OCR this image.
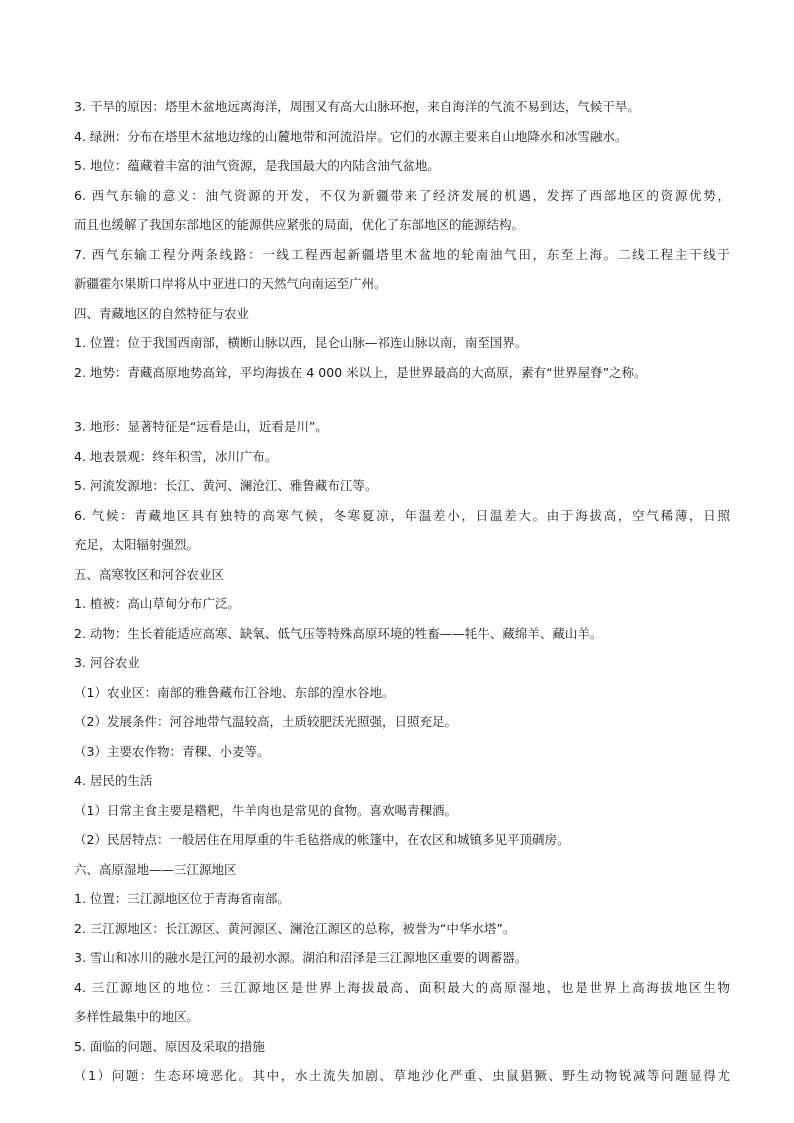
3. 干旱的原因：塔里木盆地远离海洋，周围又有高大山脉环抱，来自海洋的气流不易到达，气候干旱。
4. 绿洲：分布在塔里木盆地边缘的山麓地带和河流沿岸。它们的水源主要来自山地降水和冰雪融水。
5. 地位：蕴藏着丰富的油气资源，是我国最大的内陆含油气盆地。
6. 西气东输的意义：油气资源的开发，不仅为新疆带来了经济发展的机遇，发挥了西部地区的资源优势，
而且也缓解了我国东部地区的能源供应紧张的局面，优化了东部地区的能源结构。
7. 西气东输工程分两条线路：一线工程西起新疆塔里木盆地的轮南油气田，东至上海。二线工程主干线于
新疆霍尔果斯口岸将从中亚进口的天然气向南运至广州。
四、青藏地区的自然特征与农业
1. 位置：位于我国西南部，横断山脉以西，昆仑山脉—祁连山脉以南，南至国界。
2. 地势：青藏高原地势高耸，平均海拔在 4 000 米以上，是世界最高的大高原，素有“世界屋脊”之称。
3. 地形：显著特征是“远看是山，近看是川”。
4. 地表景观：终年积雪，冰川广布。
5. 河流发源地：长江、黄河、澜沧江、雅鲁藏布江等。
6. 气候：青藏地区具有独特的高寒气候，冬寒夏凉，年温差小，日温差大。由于海拔高，空气稀薄，日照
充足，太阳辐射强烈。
五、高寒牧区和河谷农业区
1. 植被：高山草甸分布广泛。
2. 动物：生长着能适应高寒、缺氧、低气压等特殊高原环境的牲畜——牦牛、藏绵羊、藏山羊。
3. 河谷农业
（1）农业区：南部的雅鲁藏布江谷地、东部的湟水谷地。
（2）发展条件：河谷地带气温较高，土质较肥沃光照强，日照充足。
（3）主要农作物：青稞、小麦等。
4. 居民的生活
（1）日常主食主要是糌粑，牛羊肉也是常见的食物。喜欢喝青稞酒。
（2）民居特点：一般居住在用厚重的牛毛毡搭成的帐篷中，在农区和城镇多见平顶碉房。
六、高原湿地——三江源地区
1. 位置：三江源地区位于青海省南部。
2. 三江源地区：长江源区、黄河源区、澜沧江源区的总称，被誉为“中华水塔”。
3. 雪山和冰川的融水是江河的最初水源。湖泊和沼泽是三江源地区重要的调蓄器。
4. 三江源地区的地位：三江源地区是世界上海拔最高、面积最大的高原湿地，也是世界上高海拔地区生物
多样性最集中的地区。
5. 面临的问题、原因及采取的措施
（1）问题：生态环境恶化。其中，水土流失加剧、草地沙化严重、虫鼠猖獗、野生动物锐减等问题显得尤
